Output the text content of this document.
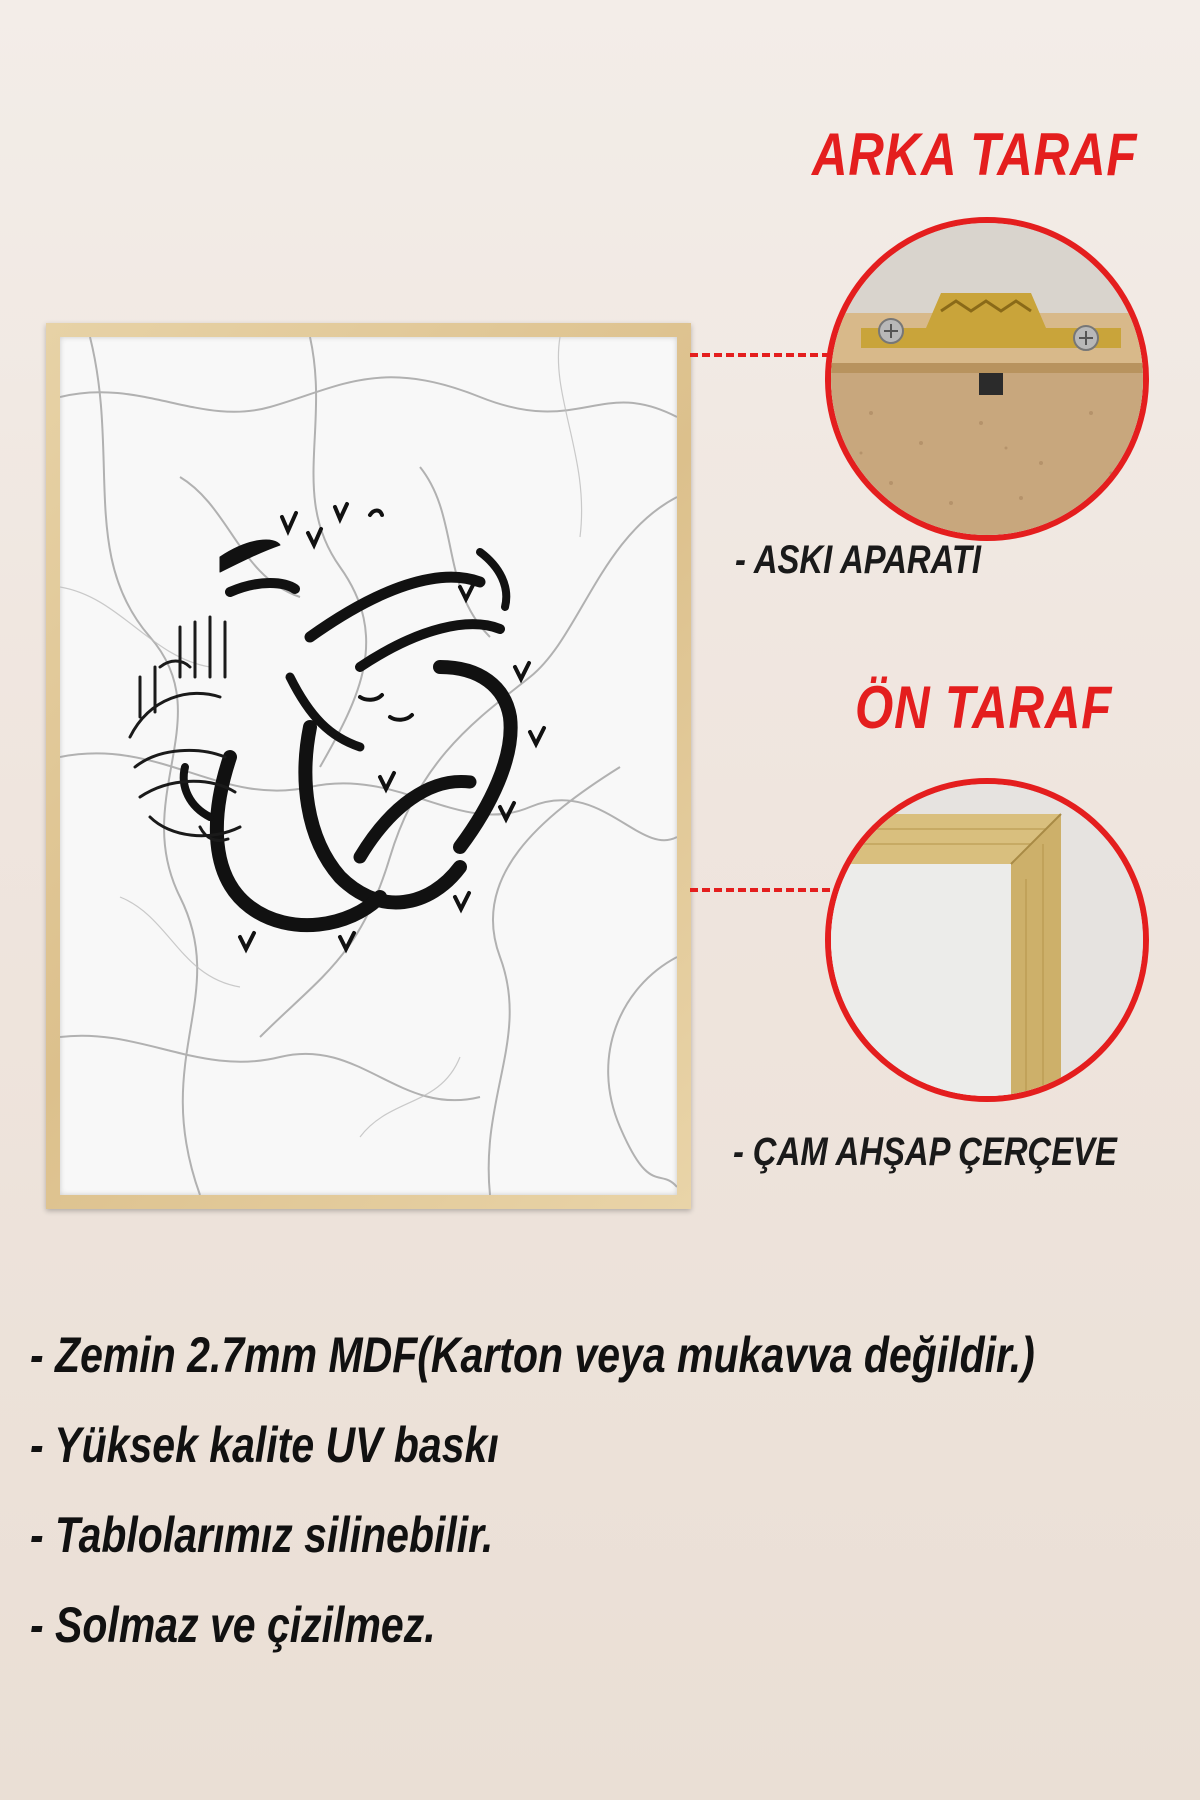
ARKA TARAF
- ASKI APARATI
ÖN TARAF
- ÇAM AHŞAP ÇERÇEVE
- Zemin 2.7mm MDF(Karton veya mukavva değildir.)
- Yüksek kalite UV baskı
- Tablolarımız silinebilir.
- Solmaz ve çizilmez.
